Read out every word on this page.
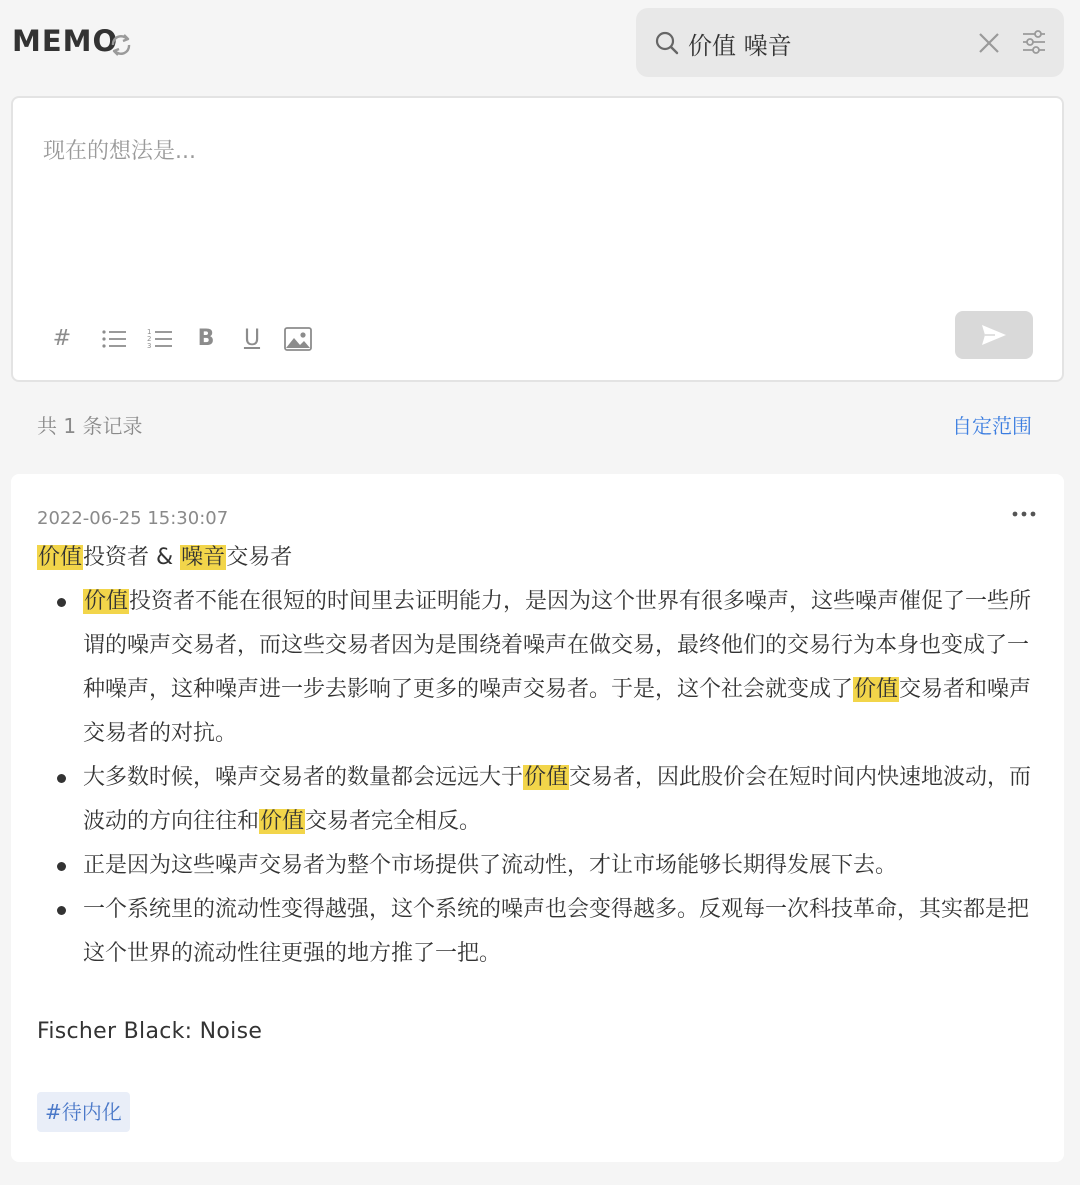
MEMO
价值 噪音
现在的想法是...
#	1
2
3	B	U
共 1 条记录	自定范围
2022-06-25 15:30:07
价值投资者 & 噪音交易者
价值投资者不能在很短的时间里去证明能力，是因为这个世界有很多噪声，这些噪声催促了一些所谓的噪声交易者，而这些交易者因为是围绕着噪声在做交易，最终他们的交易行为本身也变成了一种噪声，这种噪声进一步去影响了更多的噪声交易者。于是，这个社会就变成了价值交易者和噪声交易者的对抗。
大多数时候，噪声交易者的数量都会远远大于价值交易者，因此股价会在短时间内快速地波动，而波动的方向往往和价值交易者完全相反。
正是因为这些噪声交易者为整个市场提供了流动性，才让市场能够长期得发展下去。
一个系统里的流动性变得越强，这个系统的噪声也会变得越多。反观每一次科技革命，其实都是把这个世界的流动性往更强的地方推了一把。
Fischer Black: Noise
#待内化
